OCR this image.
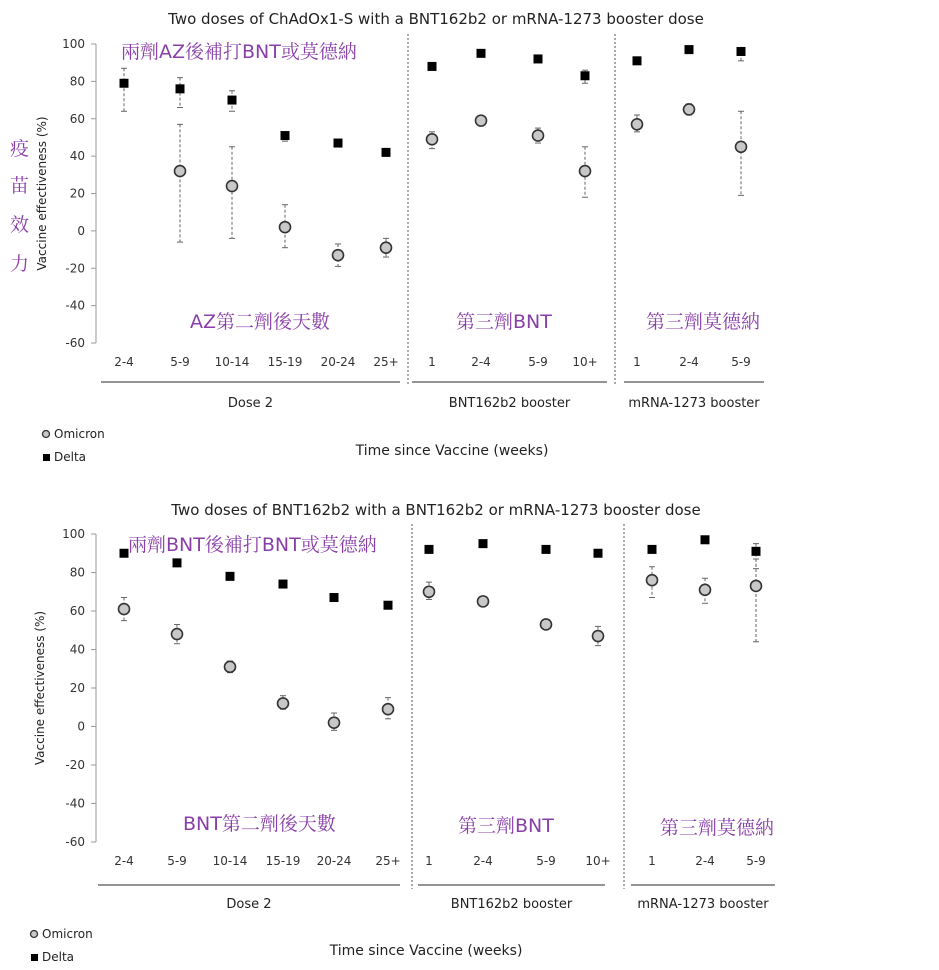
Two doses of ChAdOx1-S with a BNT162b2 or mRNA-1273 booster dose
100
80
60
40
20
0
-20
-40
-60
Vaccine effectiveness (%)
2-4	5-9 10-14 15-19 20-24 25+
Dose 2
1	2-4	5-9 10+
BNT162b2 booster
1	2-4	5-9
mRNA-1273 booster
Time since Vaccine (weeks)
Omicron
Delta
兩劑AZ後補打BNT或莫德納
AZ第二劑後天數	第三劑BNT	第三劑莫德納
疫
苗
效
力
Two doses of BNT162b2 with a BNT162b2 or mRNA-1273 booster dose
100
80
60
40
20
0
-20
-40
-60
Vaccine effectiveness (%)
2-4	5-9 10-14 15-19 20-24 25+
Dose 2
1	2-4	5-9 10+
BNT162b2 booster
1	2-4	5-9
mRNA-1273 booster
Time since Vaccine (weeks)
Omicron
Delta
兩劑BNT後補打BNT或莫德納
BNT第二劑後天數	第三劑BNT	第三劑莫德納
